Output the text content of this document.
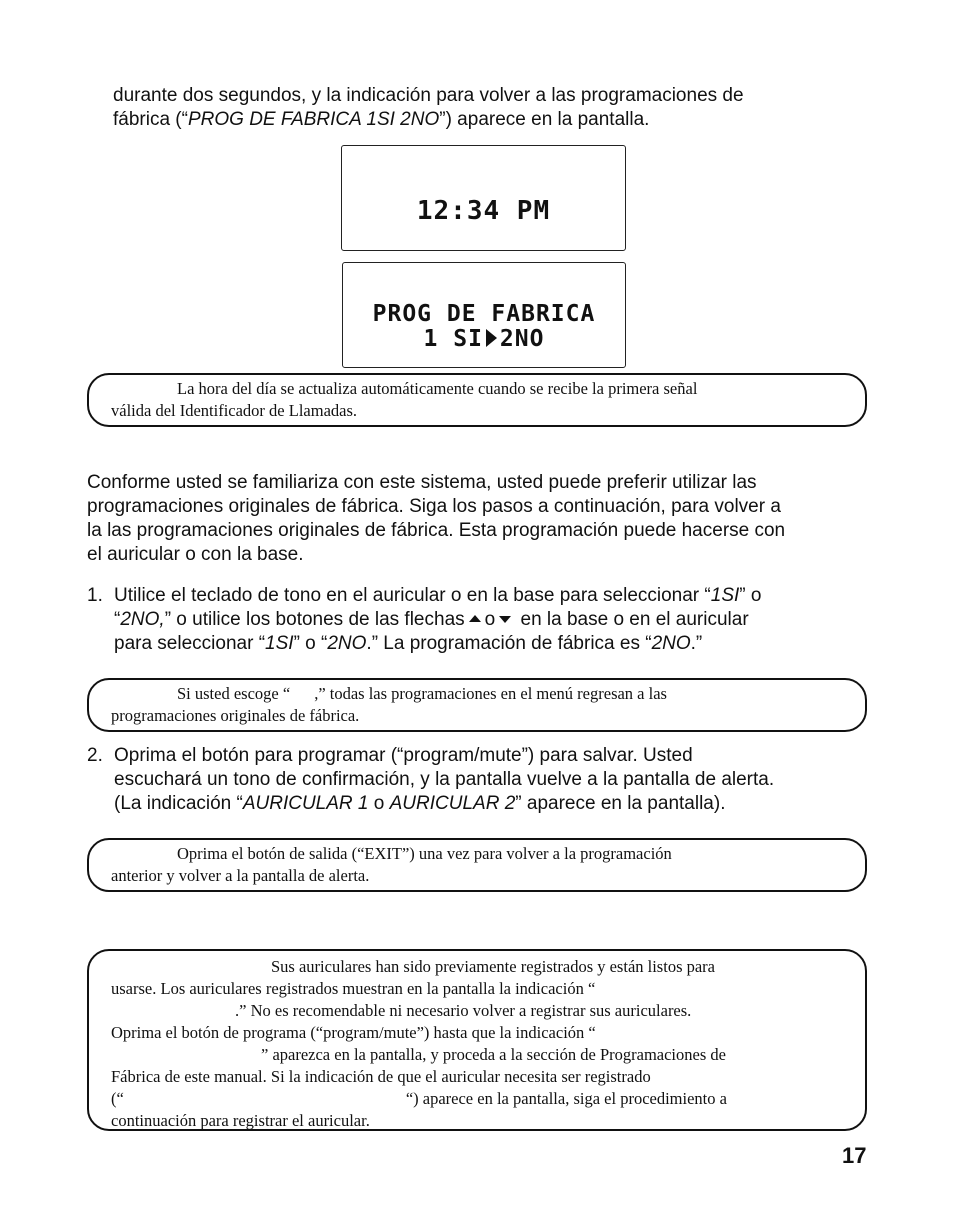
durante dos segundos, y la indicación para volver a las programaciones de
fábrica (“PROG DE FABRICA 1SI 2NO”) aparece en la pantalla.
12:34 PM
PROG DE FABRICA
1 SI 2NO

La hora del día se actualiza automáticamente cuando se recibe la primera señal
válida del Identificador de Llamadas.

Conforme usted se familiariza con este sistema, usted puede preferir utilizar las
programaciones originales de fábrica. Siga los pasos a continuación, para volver a
la las programaciones originales de fábrica. Esta programación puede hacerse con
el auricular o con la base.
1. Utilice el teclado de tono en el auricular o en la base para seleccionar “1SI” o
“2NO,” o utilice los botones de las flechas o en la base o en el auricular
para seleccionar “1SI” o “2NO.” La programación de fábrica es “2NO.”

Si usted escoge “ ,” todas las programaciones en el menú regresan a las
programaciones originales de fábrica.

2. Oprima el botón para programar (“program/mute”) para salvar. Usted
escuchará un tono de confirmación, y la pantalla vuelve a la pantalla de alerta.
(La indicación “AURICULAR 1 o AURICULAR 2” aparece en la pantalla).

Oprima el botón de salida (“EXIT”) una vez para volver a la programación
anterior y volver a la pantalla de alerta.

Sus auriculares han sido previamente registrados y están listos para
usarse. Los auriculares registrados muestran en la pantalla la indicación “
.” No es recomendable ni necesario volver a registrar sus auriculares.
Oprima el botón de programa (“program/mute”) hasta que la indicación “
” aparezca en la pantalla, y proceda a la sección de Programaciones de
Fábrica de este manual. Si la indicación de que el auricular necesita ser registrado
(“	“) aparece en la pantalla, siga el procedimiento a
continuación para registrar el auricular.

17
